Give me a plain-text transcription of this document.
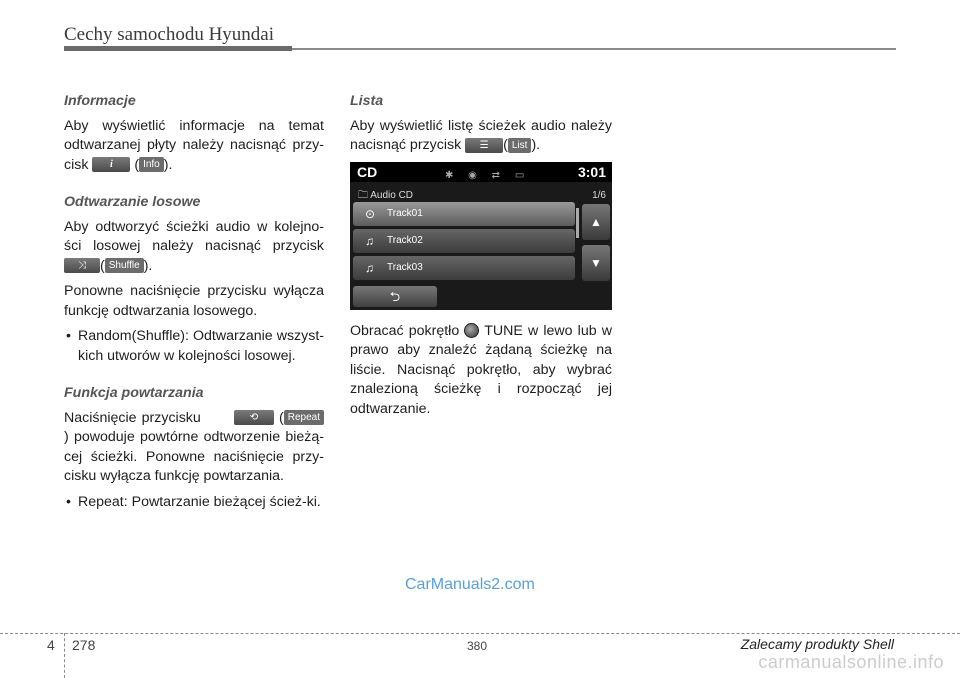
Cechy samochodu Hyundai
Informacje

Aby wyświetlić informacje na temat odtwarzanej płyty należy nacisnąć przy-cisk i ( Info ).

Odtwarzanie losowe

Aby odtworzyć ścieżki audio w kolejno-ści losowej należy nacisnąć przycisk ⤨ ( Shuffle ).

Ponowne naciśnięcie przycisku wyłącza funkcję odtwarzania losowego.

• Random(Shuffle): Odtwarzanie wszyst-kich utworów w kolejności losowej.
Funkcja powtarzania

Naciśnięcie przycisku	⟲ ( Repeat) powoduje powtórne odtworzenie bieżą-cej ścieżki. Ponowne naciśnięcie przy-cisku wyłącza funkcję powtarzania.

• Repeat: Powtarzanie bieżącej ścież-ki.
Lista

Aby wyświetlić listę ścieżek audio należy nacisnąć przycisk ☰ ( List ).

CD	✱ ◉ ⇄ ▭	3:01
🗀 Audio CD	1/6
⊙ Track01
♫ Track02
♫ Track03
▲
▼
⮌

Obracać pokrętło TUNE w lewo lub w prawo aby znaleźć żądaną ścieżkę na liście. Nacisnąć pokrętło, aby wybrać znalezioną ścieżkę i rozpocząć jej odtwarzanie.

CarManuals2.com
4 278	380	Zalecamy produkty Shell
carmanualsonline.info
